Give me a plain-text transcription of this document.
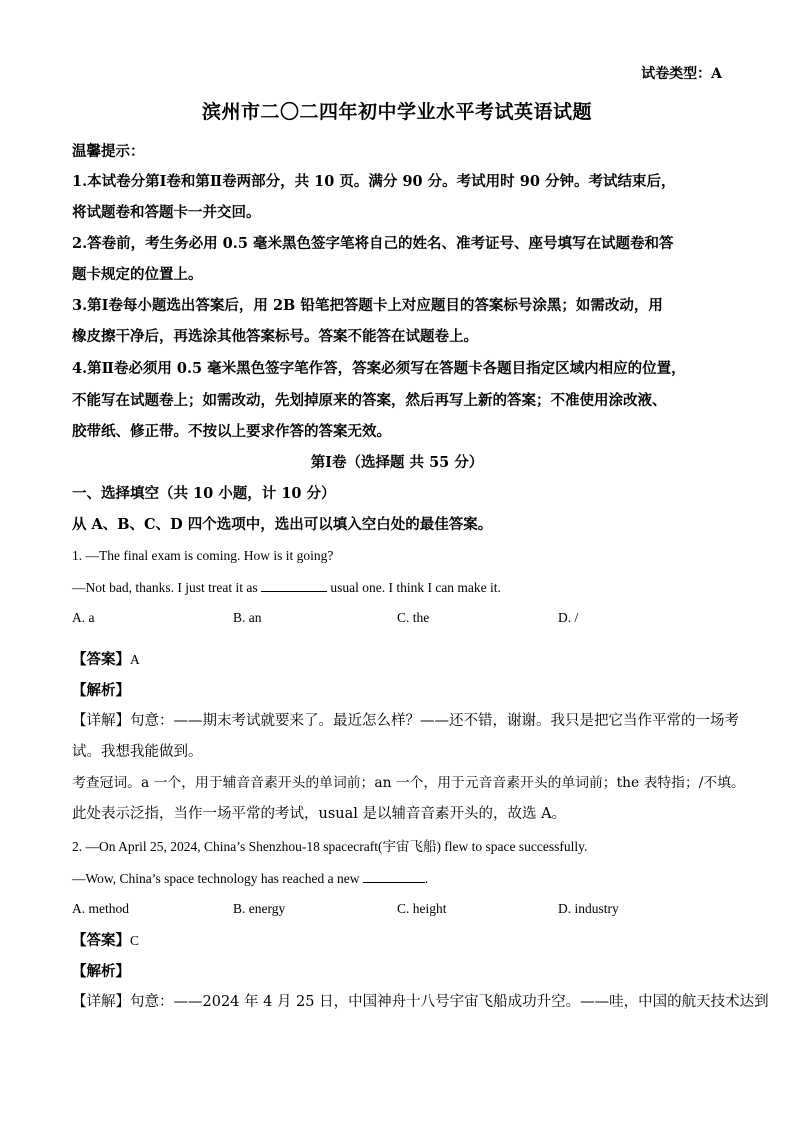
试卷类型：A
滨州市二〇二四年初中学业水平考试英语试题
温馨提示：
1.本试卷分第Ⅰ卷和第Ⅱ卷两部分，共 10 页。满分 90 分。考试用时 90 分钟。考试结束后，
将试题卷和答题卡一并交回。
2.答卷前，考生务必用 0.5 毫米黑色签字笔将自己的姓名、准考证号、座号填写在试题卷和答
题卡规定的位置上。
3.第Ⅰ卷每小题选出答案后，用 2B 铅笔把答题卡上对应题目的答案标号涂黑；如需改动，用
橡皮擦干净后，再选涂其他答案标号。答案不能答在试题卷上。
4.第Ⅱ卷必须用 0.5 毫米黑色签字笔作答，答案必须写在答题卡各题目指定区域内相应的位置，
不能写在试题卷上；如需改动，先划掉原来的答案，然后再写上新的答案；不准使用涂改液、
胶带纸、修正带。不按以上要求作答的答案无效。
第Ⅰ卷（选择题 共 55 分）
一、选择填空（共 10 小题，计 10 分）
从 A、B、C、D 四个选项中，选出可以填入空白处的最佳答案。
1. —The final exam is coming. How is it going?
—Not bad, thanks. I just treat it as	usual one. I think I can make it.
A. a	B. an	C. the	D. /
【答案】A
【解析】
【详解】句意：——期末考试就要来了。最近怎么样？——还不错，谢谢。我只是把它当作平常的一场考
试。我想我能做到。
考查冠词。a 一个，用于辅音音素开头的单词前；an 一个，用于元音音素开头的单词前；the 表特指；/不填。
此处表示泛指，当作一场平常的考试，usual 是以辅音音素开头的，故选 A。
2. —On April 25, 2024, China’s Shenzhou-18 spacecraft(宇宙飞船) flew to space successfully.
—Wow, China’s space technology has reached a new	.
A. method	B. energy	C. height	D. industry
【答案】C
【解析】
【详解】句意：——2024 年 4 月 25 日，中国神舟十八号宇宙飞船成功升空。——哇，中国的航天技术达到
